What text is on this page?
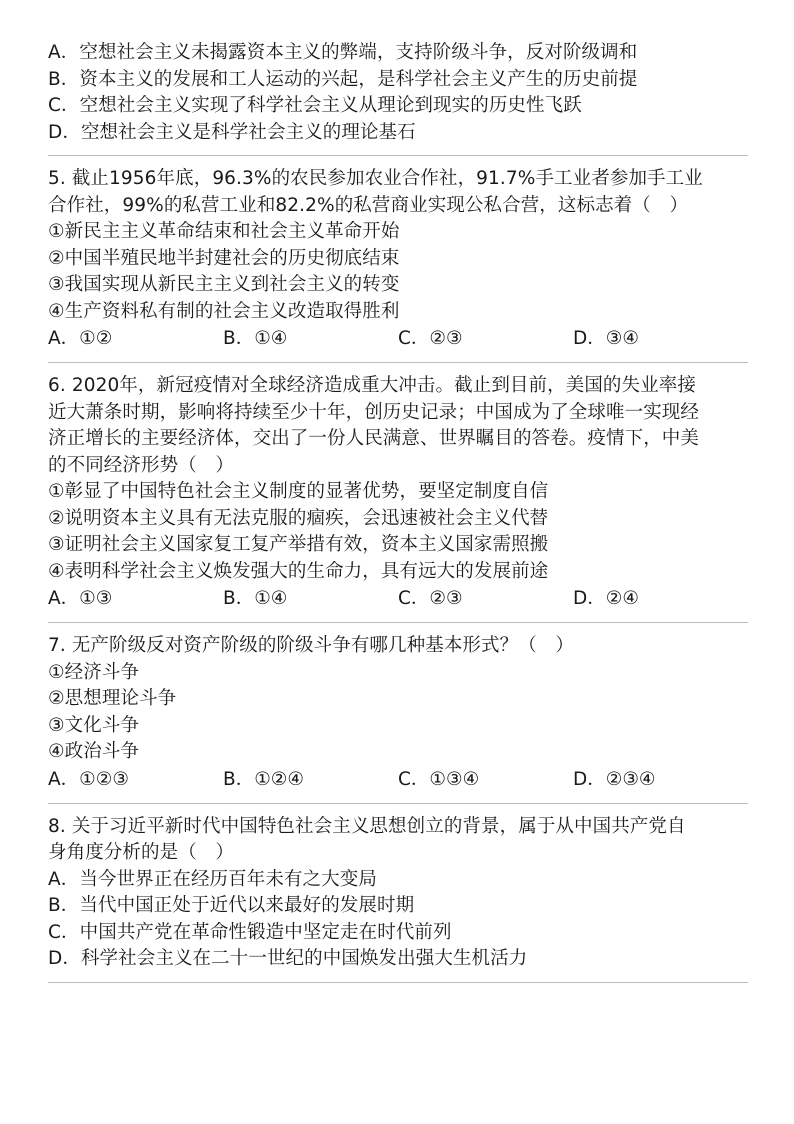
A．空想社会主义未揭露资本主义的弊端，支持阶级斗争，反对阶级调和
B．资本主义的发展和工人运动的兴起，是科学社会主义产生的历史前提
C．空想社会主义实现了科学社会主义从理论到现实的历史性飞跃
D．空想社会主义是科学社会主义的理论基石
5. 截止1956年底，96.3%的农民参加农业合作社，91.7%手工业者参加手工业
合作社，99%的私营工业和82.2%的私营商业实现公私合营，这标志着（　）
①新民主主义革命结束和社会主义革命开始
②中国半殖民地半封建社会的历史彻底结束
③我国实现从新民主主义到社会主义的转变
④生产资料私有制的社会主义改造取得胜利
A．①②	B．①④	C．②③	D．③④
6. 2020年，新冠疫情对全球经济造成重大冲击。截止到目前，美国的失业率接
近大萧条时期，影响将持续至少十年，创历史记录；中国成为了全球唯一实现经
济正增长的主要经济体，交出了一份人民满意、世界瞩目的答卷。疫情下，中美
的不同经济形势（　）
①彰显了中国特色社会主义制度的显著优势，要坚定制度自信
②说明资本主义具有无法克服的痼疾，会迅速被社会主义代替
③证明社会主义国家复工复产举措有效，资本主义国家需照搬
④表明科学社会主义焕发强大的生命力，具有远大的发展前途
A．①③	B．①④	C．②③	D．②④
7. 无产阶级反对资产阶级的阶级斗争有哪几种基本形式？（　）
①经济斗争
②思想理论斗争
③文化斗争
④政治斗争
A．①②③	B．①②④	C．①③④	D．②③④
8. 关于习近平新时代中国特色社会主义思想创立的背景，属于从中国共产党自
身角度分析的是（　）
A．当今世界正在经历百年未有之大变局
B．当代中国正处于近代以来最好的发展时期
C．中国共产党在革命性锻造中坚定走在时代前列
D．科学社会主义在二十一世纪的中国焕发出强大生机活力
